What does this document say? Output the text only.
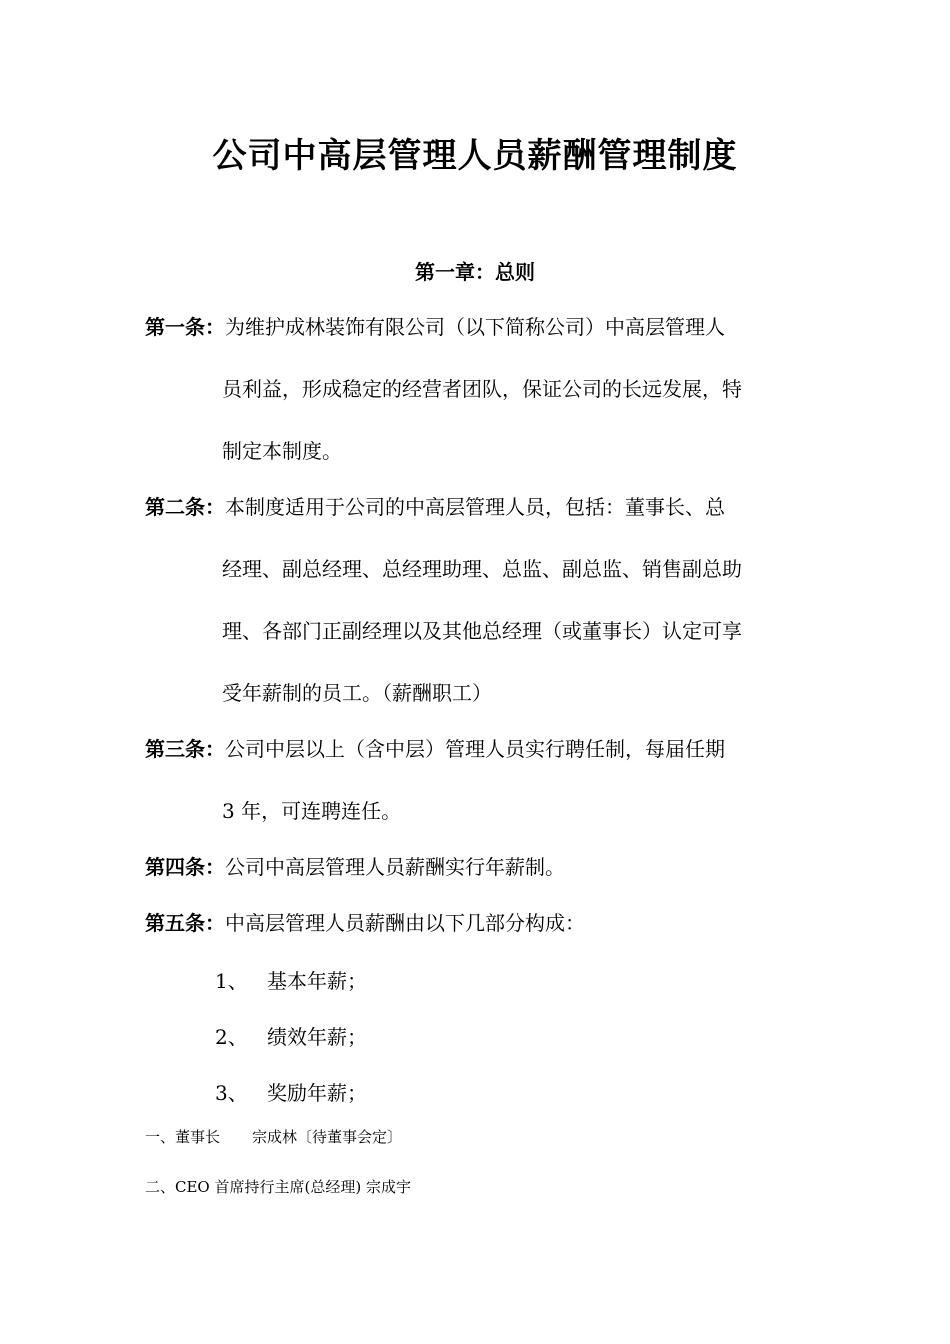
公司中高层管理人员薪酬管理制度
第一章：总则
第一条：为维护成林装饰有限公司（以下简称公司）中高层管理人
员利益，形成稳定的经营者团队，保证公司的长远发展，特
制定本制度。
第二条：本制度适用于公司的中高层管理人员，包括：董事长、总
经理、副总经理、总经理助理、总监、副总监、销售副总助
理、各部门正副经理以及其他总经理（或董事长）认定可享
受年薪制的员工。（薪酬职工）
第三条：公司中层以上（含中层）管理人员实行聘任制，每届任期
3 年，可连聘连任。
第四条：公司中高层管理人员薪酬实行年薪制。
第五条：中高层管理人员薪酬由以下几部分构成：
1、 基本年薪；
2、 绩效年薪；
3、 奖励年薪；
一、董事长 宗成林〔待董事会定〕
二、CEO 首席持行主席(总经理) 宗成宇
